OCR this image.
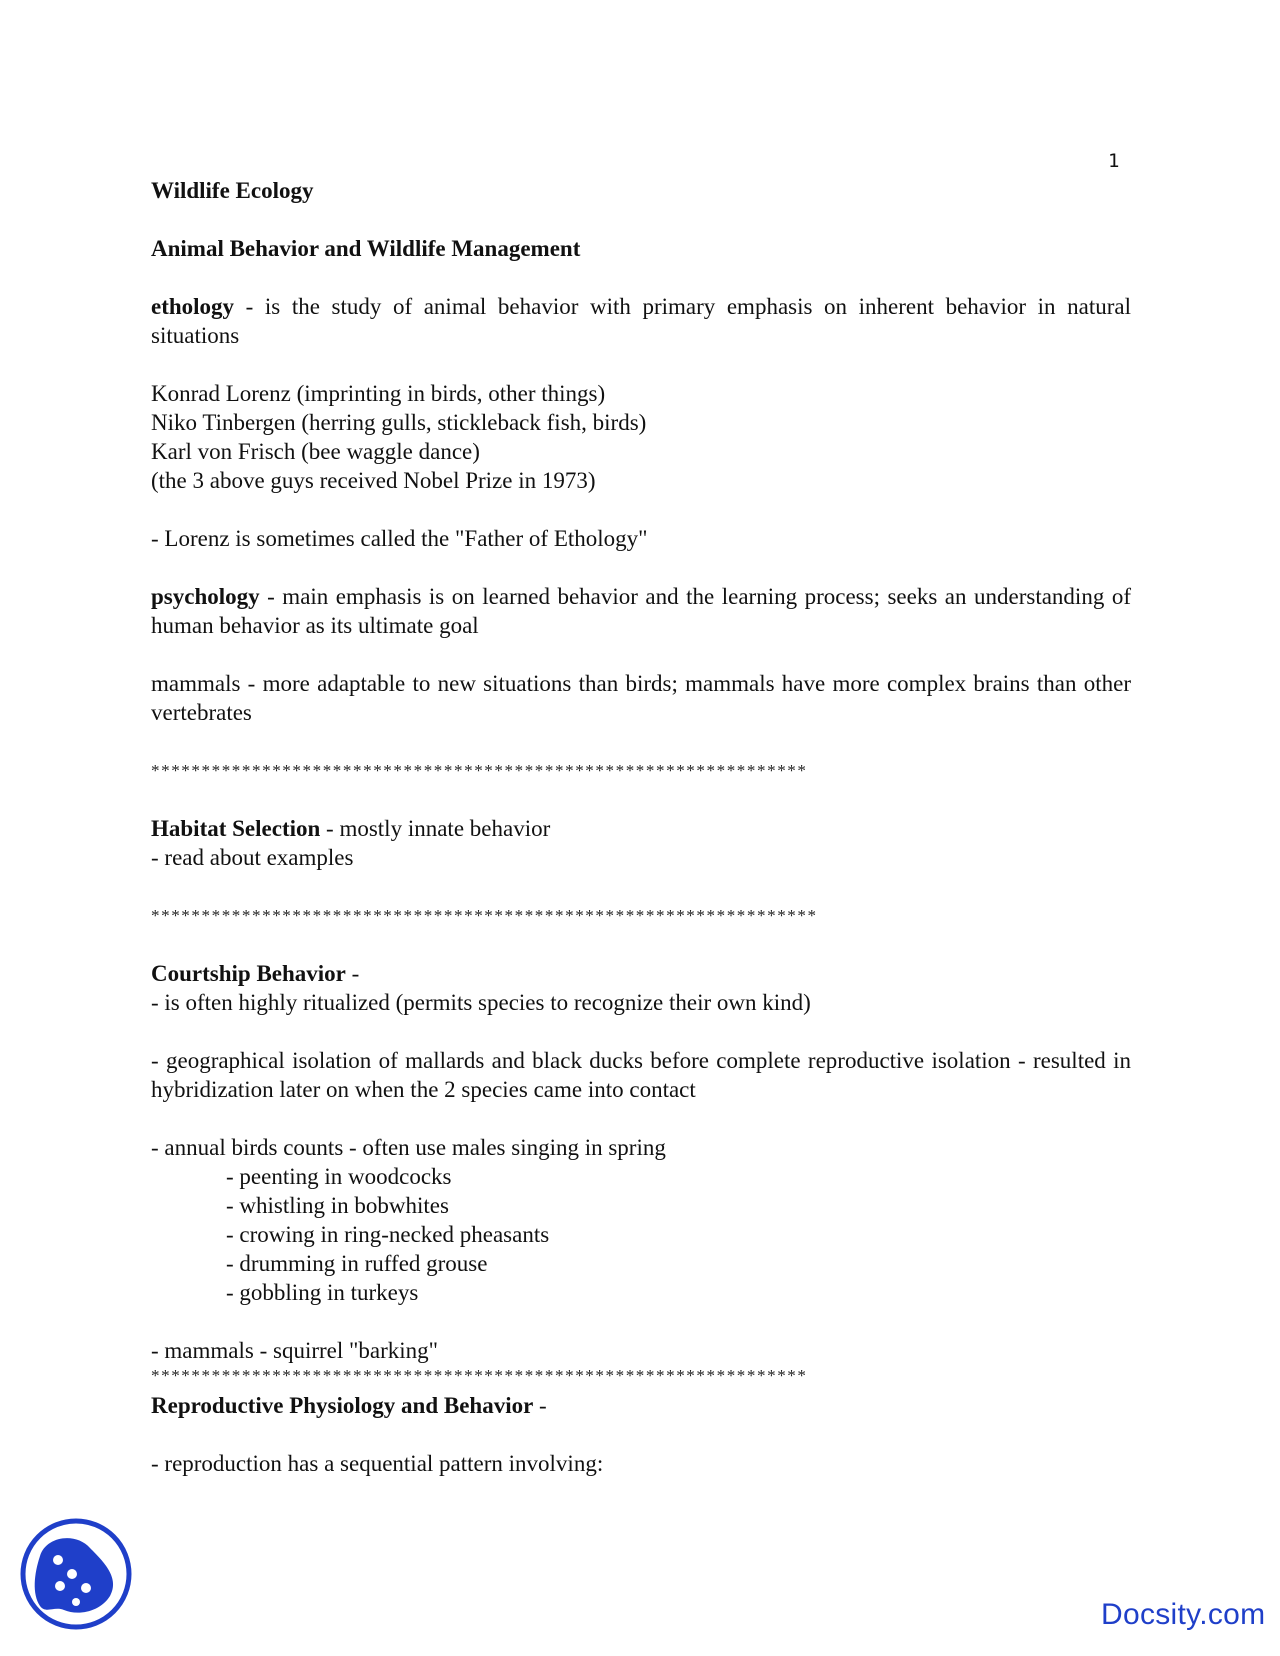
1

Wildlife Ecology

Animal Behavior and Wildlife Management

ethology - is the study of animal behavior with primary emphasis on inherent behavior in natural situations

Konrad Lorenz (imprinting in birds, other things)

Niko Tinbergen (herring gulls, stickleback fish, birds)

Karl von Frisch (bee waggle dance)

(the 3 above guys received Nobel Prize in 1973)

- Lorenz is sometimes called the "Father of Ethology"

psychology - main emphasis is on learned behavior and the learning process; seeks an understanding of human behavior as its ultimate goal

mammals - more adaptable to new situations than birds; mammals have more complex brains than other vertebrates

*****************************************************************

Habitat Selection - mostly innate behavior

- read about examples

******************************************************************

Courtship Behavior -

- is often highly ritualized (permits species to recognize their own kind)

- geographical isolation of mallards and black ducks before complete reproductive isolation - resulted in hybridization later on when the 2 species came into contact

- annual birds counts - often use males singing in spring

- peenting in woodcocks

- whistling in bobwhites

- crowing in ring-necked pheasants

- drumming in ruffed grouse

- gobbling in turkeys

- mammals - squirrel "barking"

*****************************************************************

Reproductive Physiology and Behavior -

- reproduction has a sequential pattern involving:

Docsity.com
